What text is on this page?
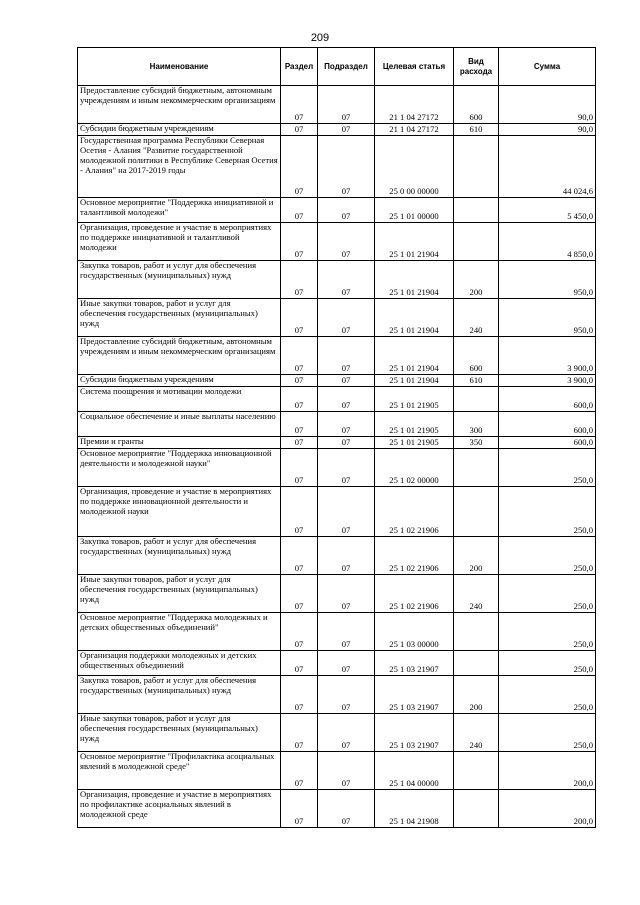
209
Наименование	Раздел	Подраздел	Целевая статья	Вид расхода	Сумма

Предоставление субсидий бюджетным, автономным учреждениям и иным некоммерческим организациям	07	07	21 1 04 27172	600	90,0

Субсидии бюджетным учреждениям	07	07	21 1 04 27172	610	90,0

Государственная программа Республики Северная Осетия - Алания "Развитие государственной молодежной политики в Республике Северная Осетия - Алания" на 2017-2019 годы	07	07	25 0 00 00000		44 024,6

Основное мероприятие "Поддержка инициативной и талантливой молодежи"	07	07	25 1 01 00000		5 450,0

Организация, проведение и участие в мероприятиях по поддержке инициативной и талантливой молодежи	07	07	25 1 01 21904		4 850,0

Закупка товаров, работ и услуг для обеспечения государственных (муниципальных) нужд	07	07	25 1 01 21904	200	950,0

Иные закупки товаров, работ и услуг для обеспечения государственных (муниципальных) нужд	07	07	25 1 01 21904	240	950,0

Предоставление субсидий бюджетным, автономным учреждениям и иным некоммерческим организациям	07	07	25 1 01 21904	600	3 900,0

Субсидии бюджетным учреждениям	07	07	25 1 01 21904	610	3 900,0

Система поощрения и мотивации молодежи	07	07	25 1 01 21905		600,0

Социальное обеспечение и иные выплаты населению	07	07	25 1 01 21905	300	600,0

Премии и гранты	07	07	25 1 01 21905	350	600,0

Основное мероприятие "Поддержка инновационной деятельности и молодежной науки"	07	07	25 1 02 00000		250,0

Организация, проведение и участие в мероприятиях по поддержке инновационной деятельности и молодежной науки	07	07	25 1 02 21906		250,0

Закупка товаров, работ и услуг для обеспечения государственных (муниципальных) нужд	07	07	25 1 02 21906	200	250,0

Иные закупки товаров, работ и услуг для обеспечения государственных (муниципальных) нужд	07	07	25 1 02 21906	240	250,0

Основное мероприятие "Поддержка молодежных и детских общественных объединений"	07	07	25 1 03 00000		250,0

Организация поддержки молодежных и детских общественных объединений	07	07	25 1 03 21907		250,0

Закупка товаров, работ и услуг для обеспечения государственных (муниципальных) нужд	07	07	25 1 03 21907	200	250,0

Иные закупки товаров, работ и услуг для обеспечения государственных (муниципальных) нужд	07	07	25 1 03 21907	240	250,0

Основное мероприятие "Профилактика асоциальных явлений в молодежной среде"	07	07	25 1 04 00000		200,0

Организация, проведение и участие в мероприятиях по профилактике асоциальных явлений в молодежной среде	07	07	25 1 04 21908		200,0
